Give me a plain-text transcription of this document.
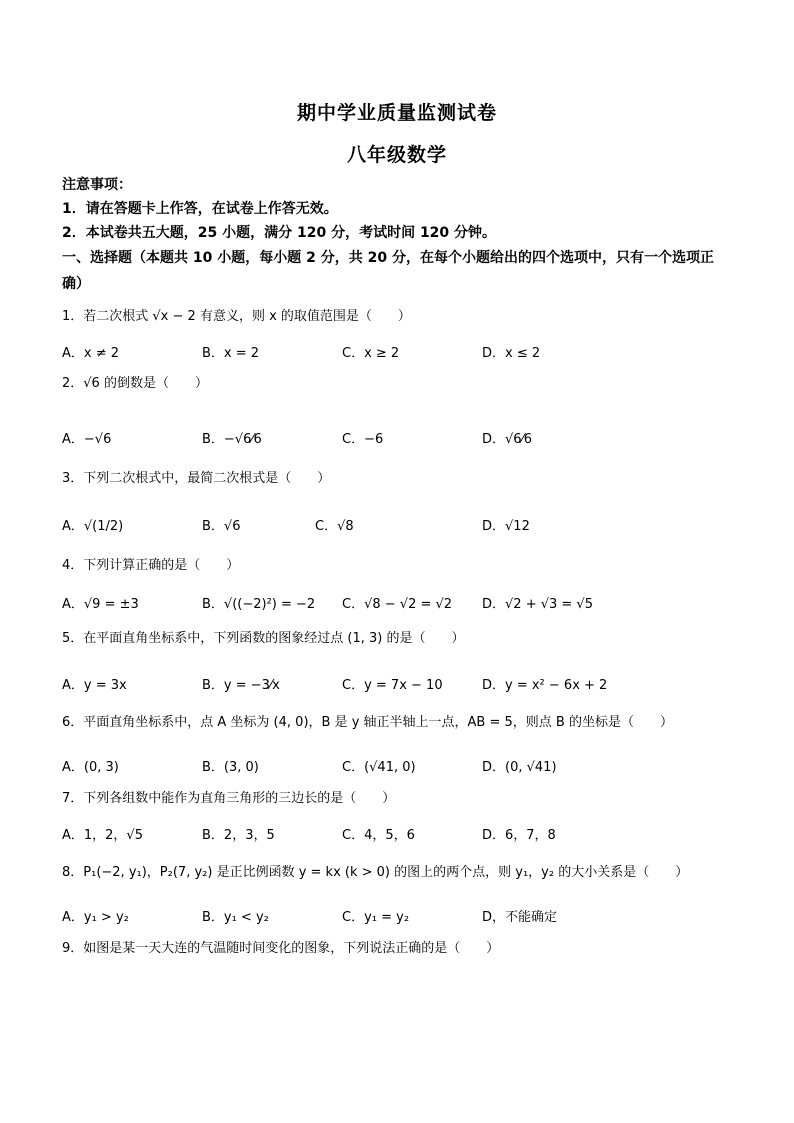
期中学业质量监测试卷
八年级数学
注意事项：
1．请在答题卡上作答，在试卷上作答无效。
2．本试卷共五大题，25 小题，满分 120 分，考试时间 120 分钟。
一、选择题（本题共 10 小题，每小题 2 分，共 20 分，在每个小题给出的四个选项中，只有一个选项正确）
1．若二次根式 √x − 2 有意义，则 x 的取值范围是（　　）
A．x ≠ 2	B．x = 2	C．x ≥ 2	D．x ≤ 2
2．√6 的倒数是（　　）
A．−√6	B．−√6⁄6	C．−6	D．√6⁄6
3．下列二次根式中，最简二次根式是（　　）
A．√(1/2)	B．√6	C．√8	D．√12
4．下列计算正确的是（　　）
A．√9 = ±3	B．√((−2)²) = −2 C．√8 − √2 = √2 D．√2 + √3 = √5
5．在平面直角坐标系中，下列函数的图象经过点 (1, 3) 的是（　　）
A．y = 3x	B．y = −3⁄x	C．y = 7x − 10	D．y = x² − 6x + 2
6．平面直角坐标系中，点 A 坐标为 (4, 0)，B 是 y 轴正半轴上一点，AB = 5，则点 B 的坐标是（　　）
A．(0, 3)	B．(3, 0)	C．(√41, 0)	D．(0, √41)
7．下列各组数中能作为直角三角形的三边长的是（　　）
A．1，2，√5	B．2，3，5	C．4，5，6	D．6，7，8
8．P₁(−2, y₁)，P₂(7, y₂) 是正比例函数 y = kx (k > 0) 的图上的两个点，则 y₁，y₂ 的大小关系是（　　）
A．y₁ > y₂	B．y₁ < y₂	C．y₁ = y₂	D，不能确定
9．如图是某一天大连的气温随时间变化的图象，下列说法正确的是（　　）
